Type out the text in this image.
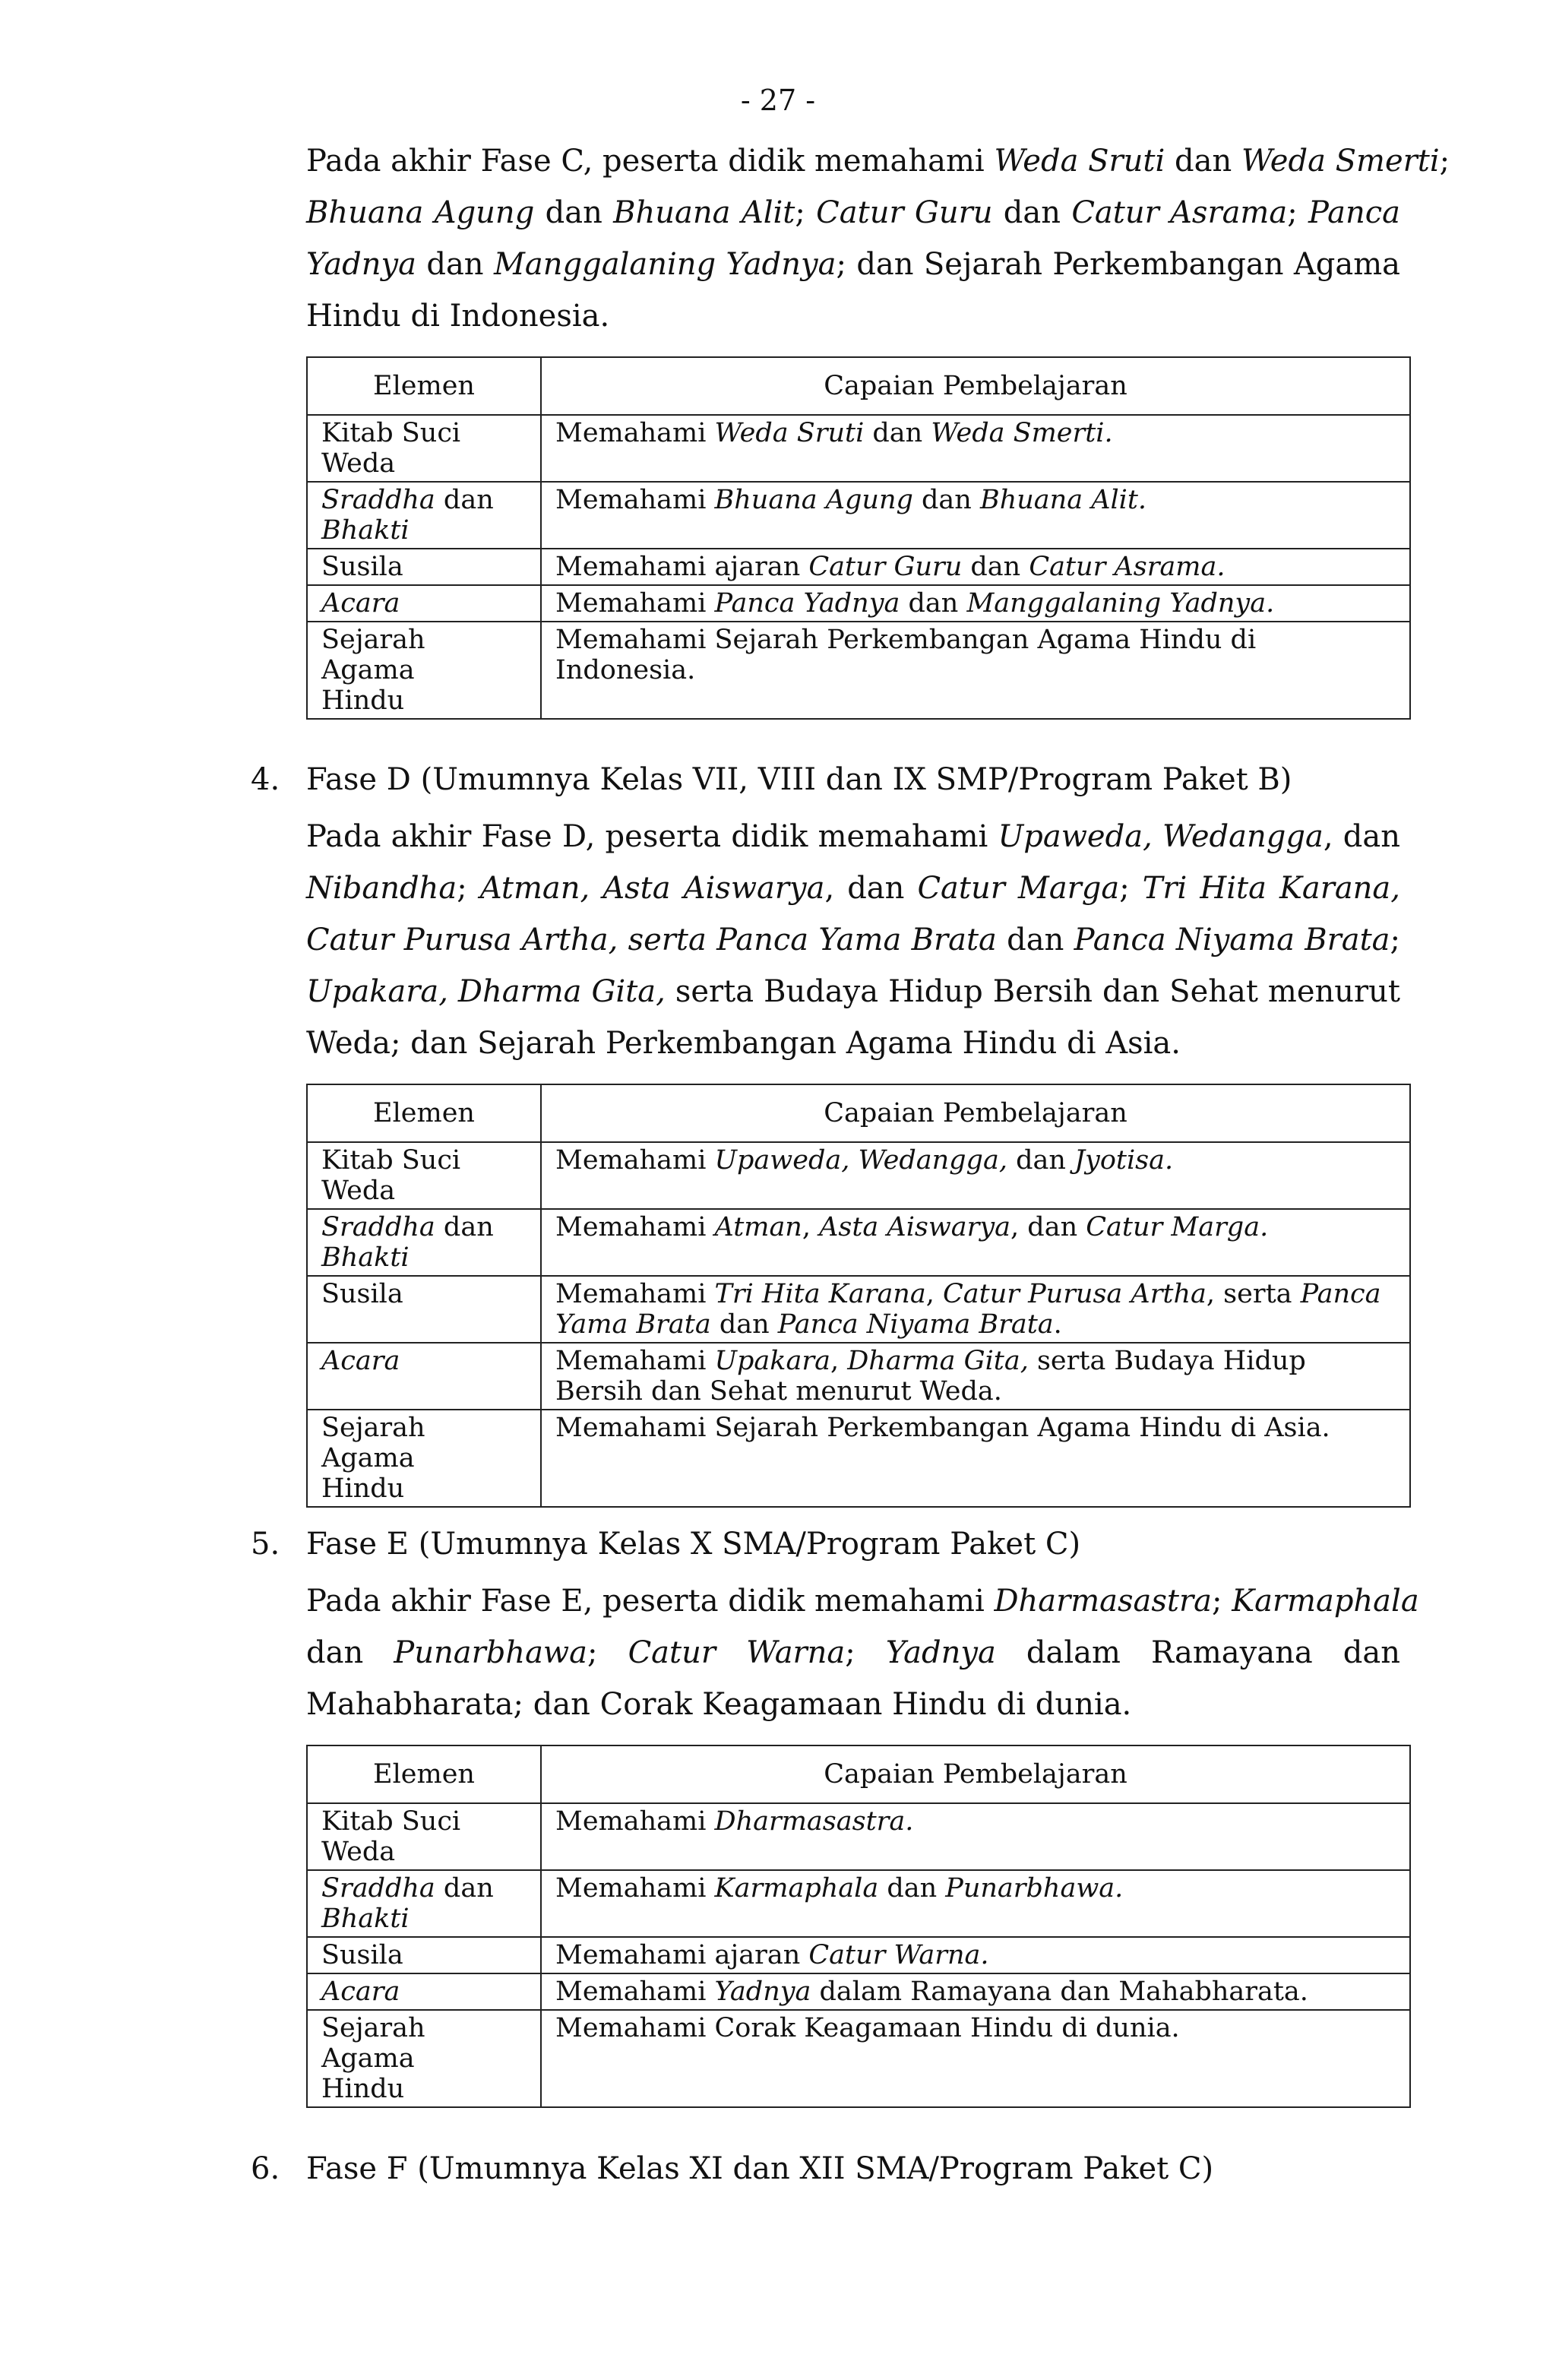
- 27 -
Pada akhir Fase C, peserta didik memahami Weda Sruti dan Weda Smerti;
Bhuana Agung dan Bhuana Alit; Catur Guru dan Catur Asrama; Panca
Yadnya dan Manggalaning Yadnya; dan Sejarah Perkembangan Agama
Hindu di Indonesia.
Elemen	Capaian Pembelajaran
Kitab Suci
Weda	Memahami Weda Sruti dan Weda Smerti.
Sraddha dan
Bhakti	Memahami Bhuana Agung dan Bhuana Alit.
Susila	Memahami ajaran Catur Guru dan Catur Asrama.
Acara	Memahami Panca Yadnya dan Manggalaning Yadnya.
Sejarah Agama
Hindu	Memahami Sejarah Perkembangan Agama Hindu di
Indonesia.
4. Fase D (Umumnya Kelas VII, VIII dan IX SMP/Program Paket B)
Pada akhir Fase D, peserta didik memahami Upaweda, Wedangga, dan
Nibandha; Atman, Asta Aiswarya, dan Catur Marga; Tri Hita Karana,
Catur Purusa Artha, serta Panca Yama Brata dan Panca Niyama Brata;
Upakara, Dharma Gita, serta Budaya Hidup Bersih dan Sehat menurut
Weda; dan Sejarah Perkembangan Agama Hindu di Asia.
Elemen	Capaian Pembelajaran
Kitab Suci
Weda	Memahami Upaweda, Wedangga, dan Jyotisa.
Sraddha dan
Bhakti	Memahami Atman, Asta Aiswarya, dan Catur Marga.
Susila	Memahami Tri Hita Karana, Catur Purusa Artha, serta Panca
Yama Brata dan Panca Niyama Brata.
Acara	Memahami Upakara, Dharma Gita, serta Budaya Hidup
Bersih dan Sehat menurut Weda.
Sejarah Agama
Hindu	Memahami Sejarah Perkembangan Agama Hindu di Asia.
5. Fase E (Umumnya Kelas X SMA/Program Paket C)
Pada akhir Fase E, peserta didik memahami Dharmasastra; Karmaphala
dan Punarbhawa; Catur Warna; Yadnya dalam Ramayana dan
Mahabharata; dan Corak Keagamaan Hindu di dunia.
Elemen	Capaian Pembelajaran
Kitab Suci
Weda	Memahami Dharmasastra.
Sraddha dan
Bhakti	Memahami Karmaphala dan Punarbhawa.
Susila	Memahami ajaran Catur Warna.
Acara	Memahami Yadnya dalam Ramayana dan Mahabharata.
Sejarah Agama
Hindu	Memahami Corak Keagamaan Hindu di dunia.
6. Fase F (Umumnya Kelas XI dan XII SMA/Program Paket C)
